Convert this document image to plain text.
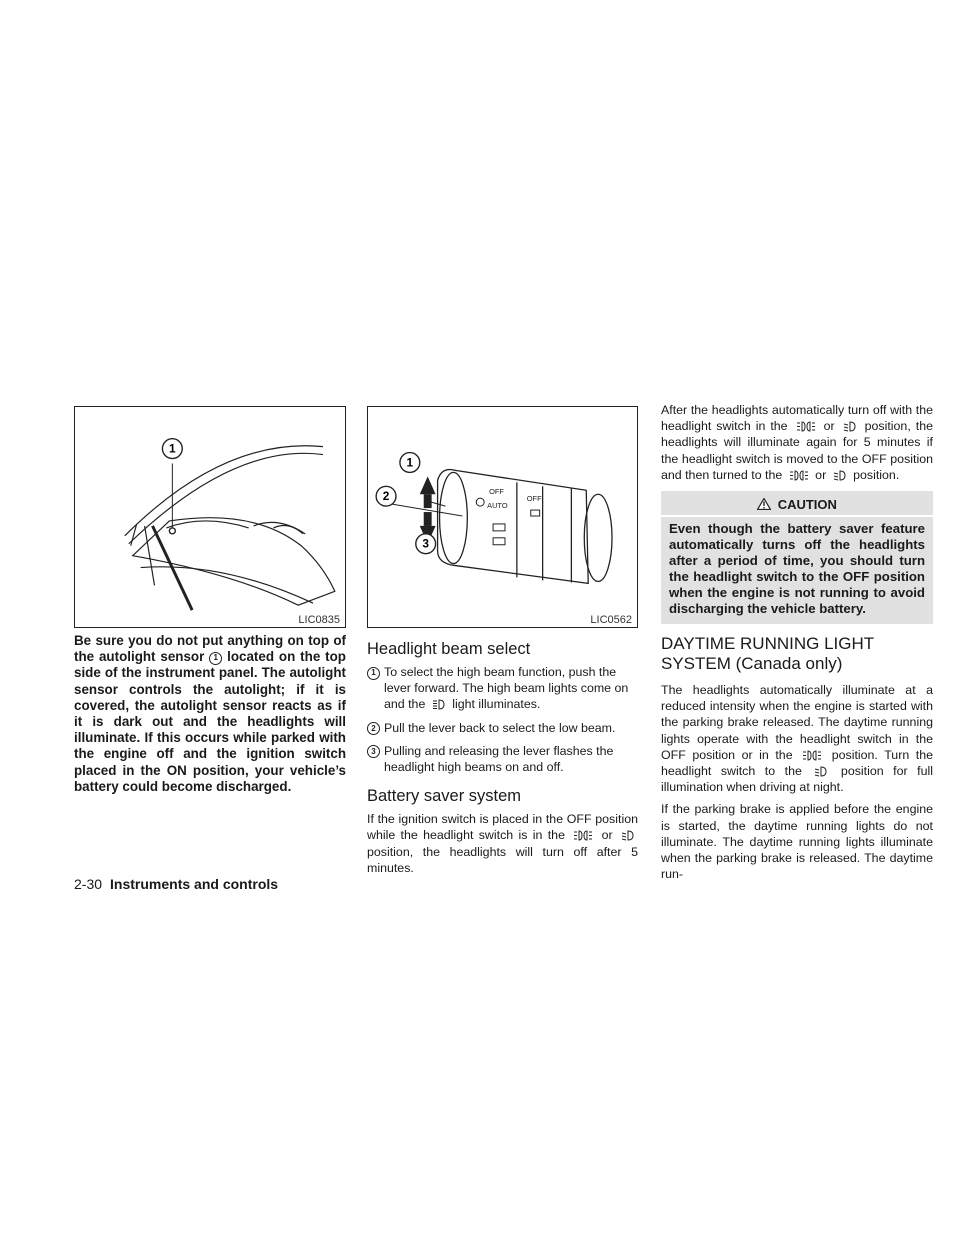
1
LIC0835
Be sure you do not put anything on top of the autolight sensor 1 located on the top side of the instrument panel. The autolight sensor controls the autolight; if it is covered, the autolight sensor reacts as if it is dark out and the headlights will illuminate. If this occurs while parked with the engine off and the ignition switch placed in the ON position, your vehicle’s battery could become discharged.
OFF
AUTO
OFF
1
2
3
LIC0562
Headlight beam select
1 To select the high beam function, push the lever forward. The high beam lights come on and the light illuminates.
2 Pull the lever back to select the low beam.
3 Pulling and releasing the lever flashes the headlight high beams on and off.
Battery saver system
If the ignition switch is placed in the OFF position while the headlight switch is in the	or  position, the headlights will turn off after 5 minutes.
After the headlights automatically turn off with the headlight switch in the	or position, the headlights will illuminate again for 5 minutes if the headlight switch is moved to the OFF position and then turned to the	or position.
CAUTION
Even though the battery saver feature automatically turns off the headlights after a period of time, you should turn the headlight switch to the OFF position when the engine is not running to avoid discharging the vehicle battery.
DAYTIME RUNNING LIGHT SYSTEM (Canada only)
The headlights automatically illuminate at a reduced intensity when the engine is started with the parking brake released. The daytime running lights operate with the headlight switch in the OFF position or in the	position. Turn the headlight switch to the	position for full illumination when driving at night.
If the parking brake is applied before the engine is started, the daytime running lights do not illuminate. The daytime running lights illuminate when the parking brake is released. The daytime run-
2-30 Instruments and controls
